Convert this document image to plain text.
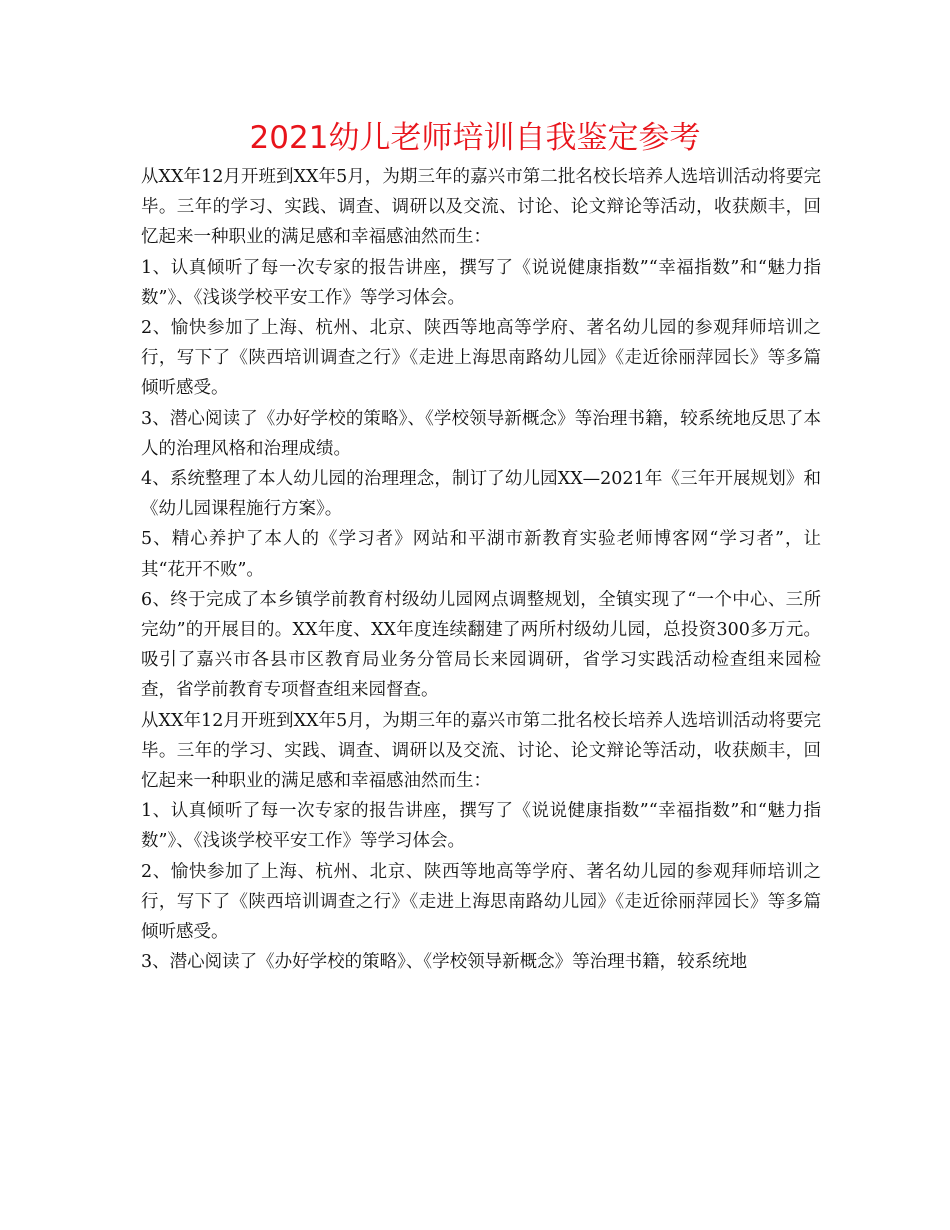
2021幼儿老师培训自我鉴定参考

从XX年12月开班到XX年5月，为期三年的嘉兴市第二批名校长培养人选培训活动将要完毕。三年的学习、实践、调查、调研以及交流、讨论、论文辩论等活动，收获颇丰，回忆起来一种职业的满足感和幸福感油然而生：

1、认真倾听了每一次专家的报告讲座，撰写了《说说健康指数”“幸福指数”和“魅力指数”》、《浅谈学校平安工作》等学习体会。

2、愉快参加了上海、杭州、北京、陕西等地高等学府、著名幼儿园的参观拜师培训之行，写下了《陕西培训调查之行》《走进上海思南路幼儿园》《走近徐丽萍园长》等多篇倾听感受。

3、潜心阅读了《办好学校的策略》、《学校领导新概念》等治理书籍，较系统地反思了本人的治理风格和治理成绩。

4、系统整理了本人幼儿园的治理理念，制订了幼儿园XX—2021年《三年开展规划》和《幼儿园课程施行方案》。

5、精心养护了本人的《学习者》网站和平湖市新教育实验老师博客网“学习者”，让其“花开不败”。

6、终于完成了本乡镇学前教育村级幼儿园网点调整规划，全镇实现了“一个中心、三所完幼”的开展目的。XX年度、XX年度连续翻建了两所村级幼儿园，总投资300多万元。吸引了嘉兴市各县市区教育局业务分管局长来园调研，省学习实践活动检查组来园检查，省学前教育专项督查组来园督查。

从XX年12月开班到XX年5月，为期三年的嘉兴市第二批名校长培养人选培训活动将要完毕。三年的学习、实践、调查、调研以及交流、讨论、论文辩论等活动，收获颇丰，回忆起来一种职业的满足感和幸福感油然而生：

1、认真倾听了每一次专家的报告讲座，撰写了《说说健康指数”“幸福指数”和“魅力指数”》、《浅谈学校平安工作》等学习体会。

2、愉快参加了上海、杭州、北京、陕西等地高等学府、著名幼儿园的参观拜师培训之行，写下了《陕西培训调查之行》《走进上海思南路幼儿园》《走近徐丽萍园长》等多篇倾听感受。

3、潜心阅读了《办好学校的策略》、《学校领导新概念》等治理书籍，较系统地
